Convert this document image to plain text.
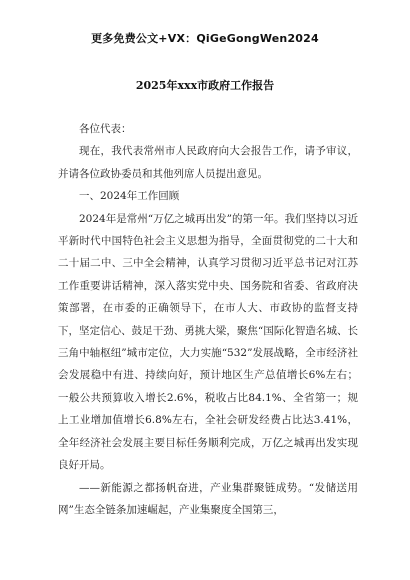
更多免费公文+VX：QiGeGongWen2024
2025年xxx市政府工作报告

各位代表：

现在，我代表常州市人民政府向大会报告工作，请予审议，并请各位政协委员和其他列席人员提出意见。

一、2024年工作回顾

2024年是常州“万亿之城再出发”的第一年。我们坚持以习近平新时代中国特色社会主义思想为指导，全面贯彻党的二十大和二十届二中、三中全会精神，认真学习贯彻习近平总书记对江苏工作重要讲话精神，深入落实党中央、国务院和省委、省政府决策部署，在市委的正确领导下，在市人大、市政协的监督支持下，坚定信心、鼓足干劲、勇挑大梁，聚焦“国际化智造名城、长三角中轴枢纽”城市定位，大力实施“532”发展战略，全市经济社会发展稳中有进、持续向好，预计地区生产总值增长6%左右；一般公共预算收入增长2.6%，税收占比84.1%、全省第一；规上工业增加值增长6.8%左右，全社会研发经费占比达3.41%，全年经济社会发展主要目标任务顺利完成，万亿之城再出发实现良好开局。

——新能源之都扬帆奋进，产业集群聚链成势。“发储送用网”生态全链条加速崛起，产业集聚度全国第三，
